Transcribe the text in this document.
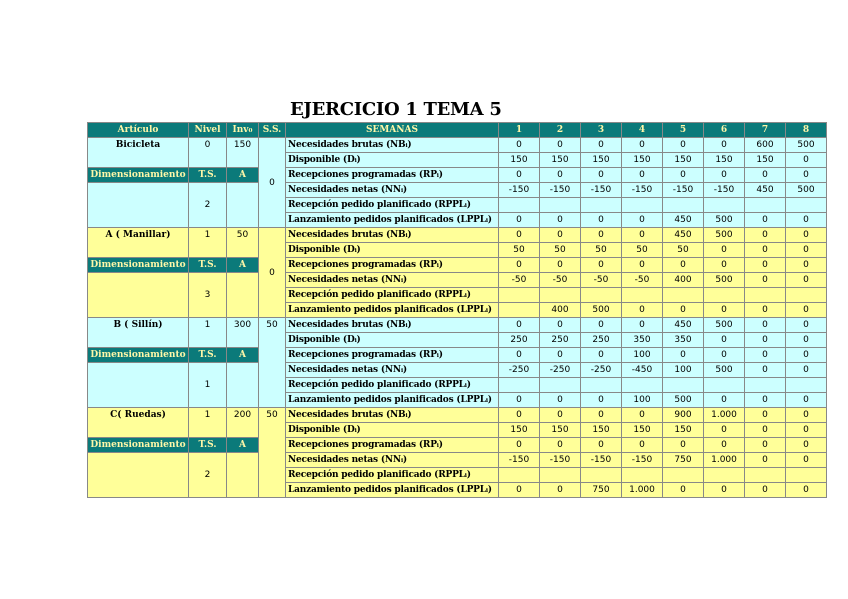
EJERCICIO 1 TEMA 5
Artículo	Nivel	Inv₀	S.S.	SEMANAS	1	2	3	4	5	6	7	8
Bicicleta	0	150	0	Necesidades brutas (NBᵢ)	0	0	0	0	0	0	600	500
				Disponible (Dᵢ)	150	150	150	150	150	150	150	0
Dimensionamiento	T.S.	A		Recepciones programadas (RPᵢ)	0	0	0	0	0	0	0	0
	2			Necesidades netas (NNᵢ)	-150	-150	-150	-150	-150	-150	450	500
				Recepción pedido planificado (RPPLᵢ)								
				Lanzamiento pedidos planificados (LPPLᵢ)	0	0	0	0	450	500	0	0
A ( Manillar)	1	50	0	Necesidades brutas (NBᵢ)	0	0	0	0	450	500	0	0
				Disponible (Dᵢ)	50	50	50	50	50	0	0	0
Dimensionamiento	T.S.	A		Recepciones programadas (RPᵢ)	0	0	0	0	0	0	0	0
	3			Necesidades netas (NNᵢ)	-50	-50	-50	-50	400	500	0	0
				Recepción pedido planificado (RPPLᵢ)								
				Lanzamiento pedidos planificados (LPPLᵢ)		400	500	0	0	0	0	0
B ( Sillín)	1	300	50	Necesidades brutas (NBᵢ)	0	0	0	0	450	500	0	0
				Disponible (Dᵢ)	250	250	250	350	350	0	0	0
Dimensionamiento	T.S.	A		Recepciones programadas (RPᵢ)	0	0	0	100	0	0	0	0
	1			Necesidades netas (NNᵢ)	-250	-250	-250	-450	100	500	0	0
				Recepción pedido planificado (RPPLᵢ)								
				Lanzamiento pedidos planificados (LPPLᵢ)	0	0	0	100	500	0	0	0
C( Ruedas)	1	200	50	Necesidades brutas (NBᵢ)	0	0	0	0	900	1.000	0	0
				Disponible (Dᵢ)	150	150	150	150	150	0	0	0
Dimensionamiento	T.S.	A		Recepciones programadas (RPᵢ)	0	0	0	0	0	0	0	0
	2			Necesidades netas (NNᵢ)	-150	-150	-150	-150	750	1.000	0	0
				Recepción pedido planificado (RPPLᵢ)								
				Lanzamiento pedidos planificados (LPPLᵢ)	0	0	750	1.000	0	0	0	0
